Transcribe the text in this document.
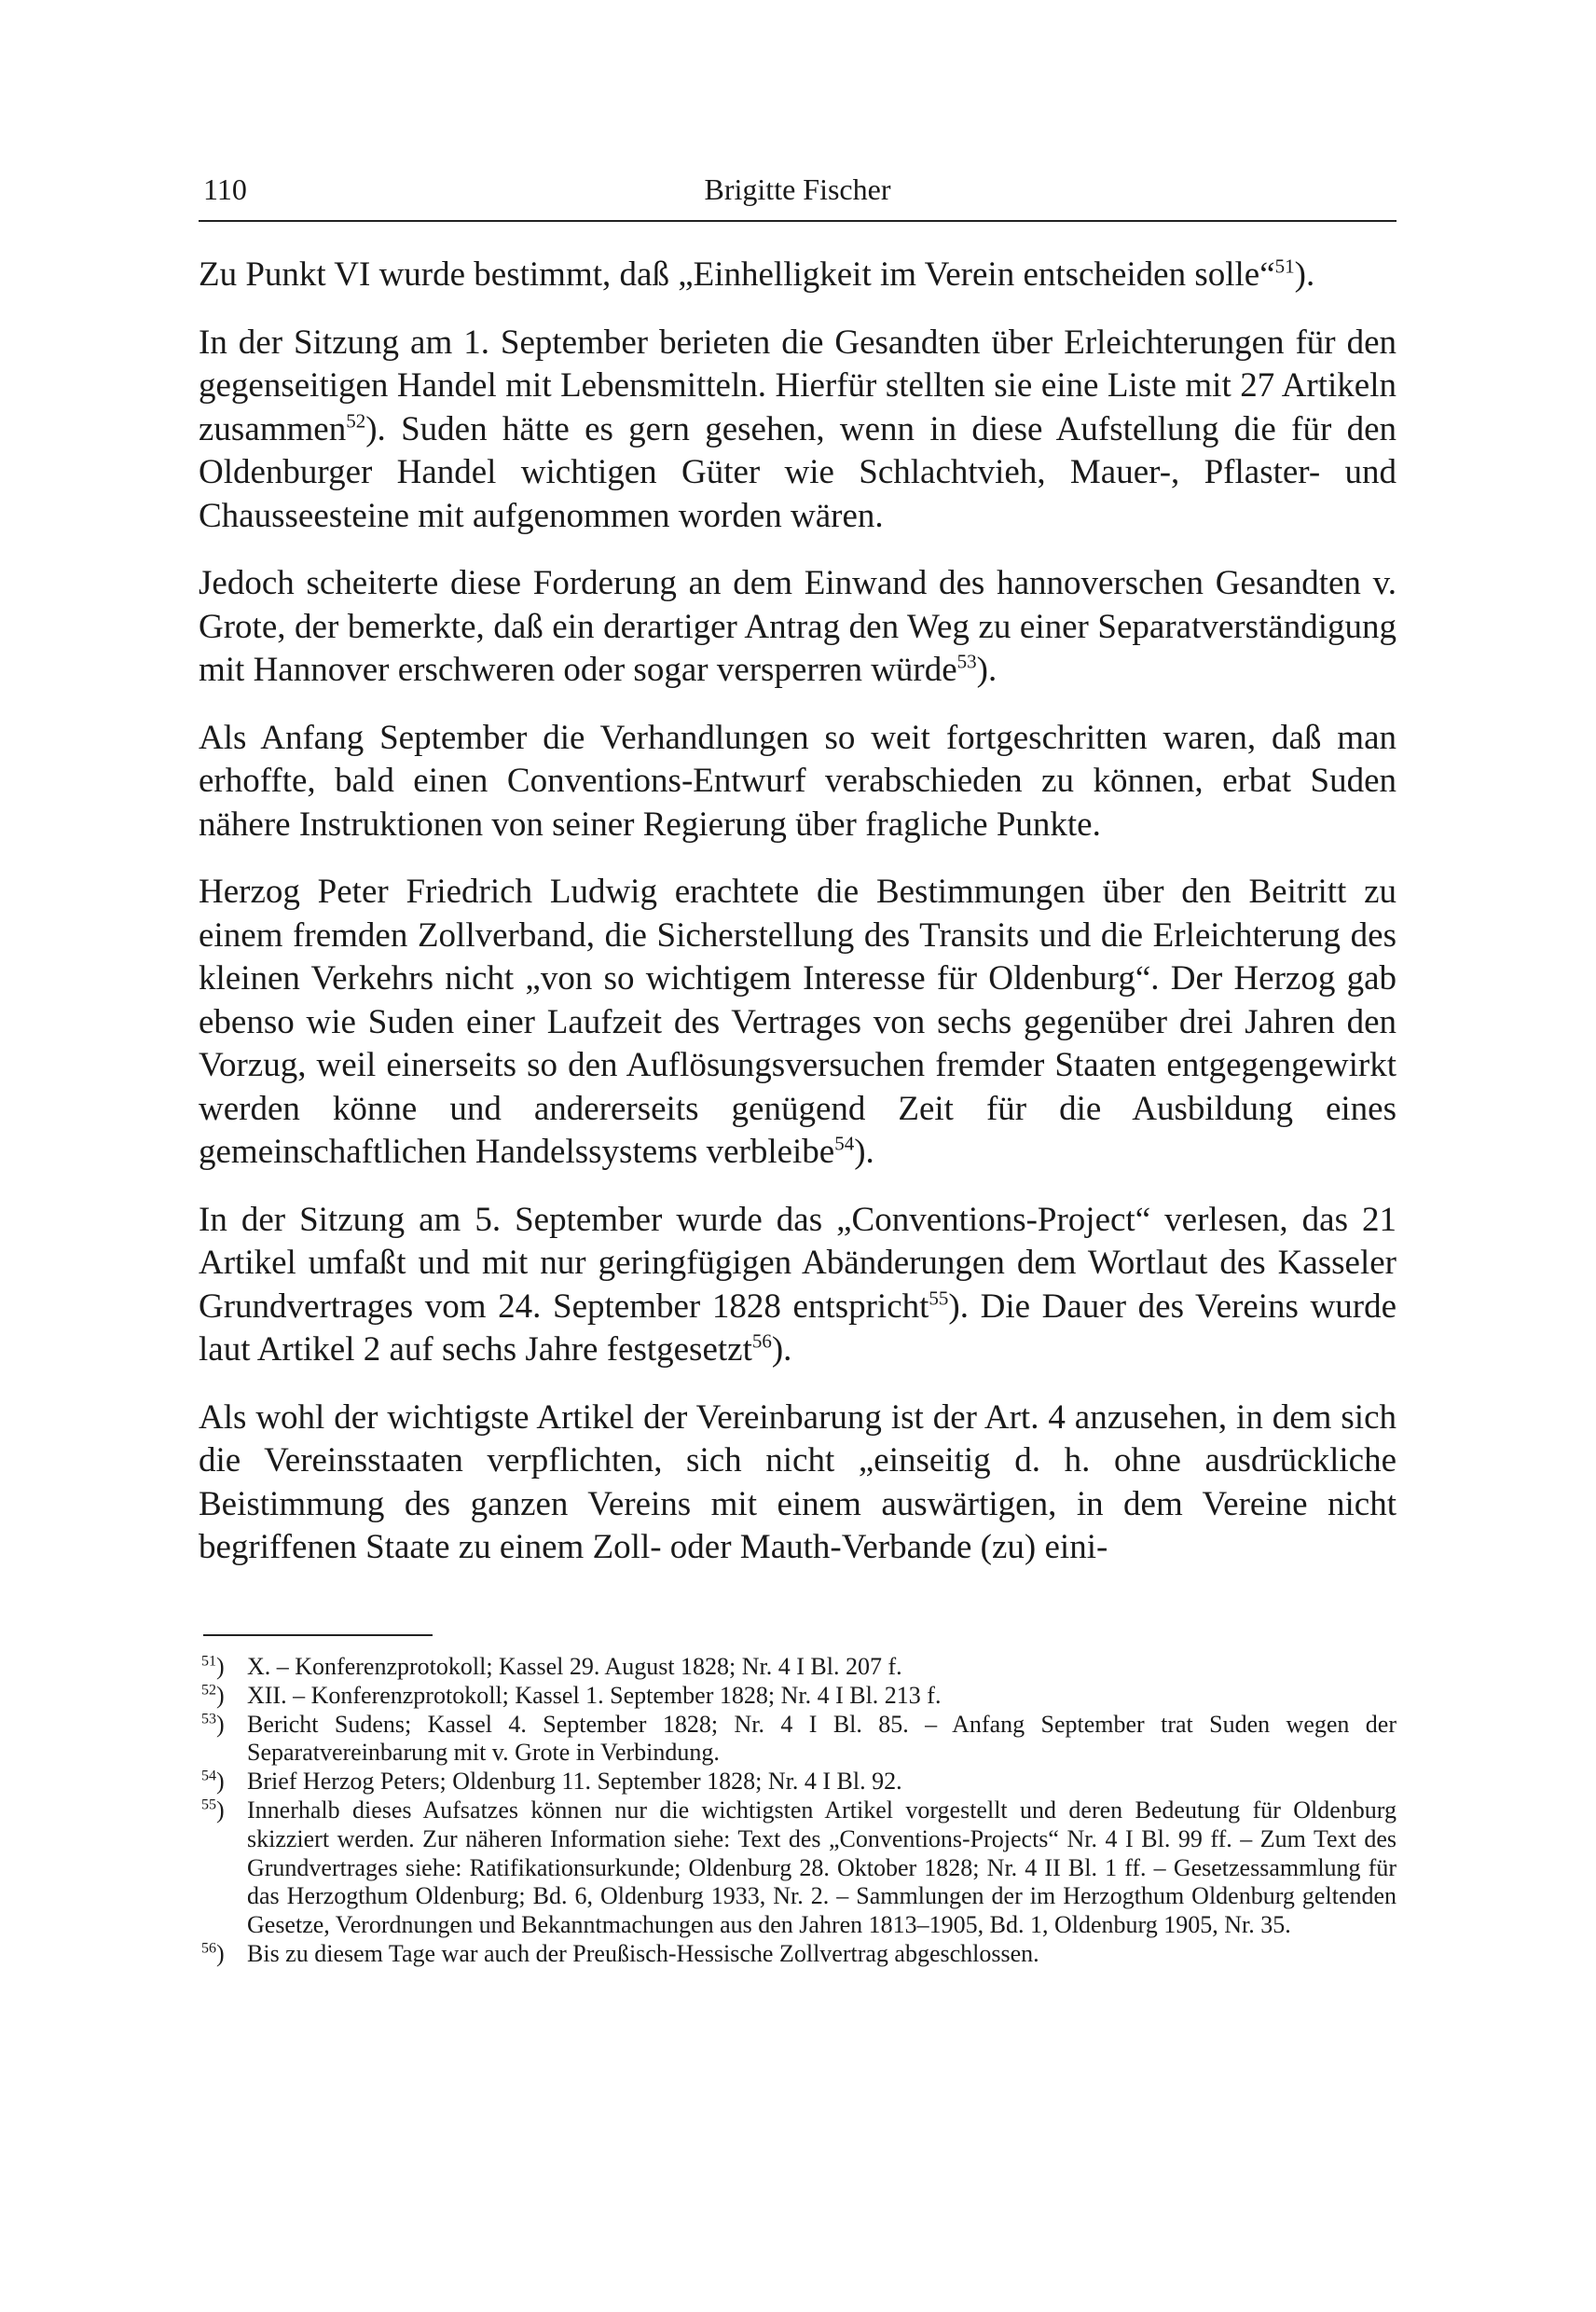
110	Brigitte Fischer

Zu Punkt VI wurde bestimmt, daß „Einhelligkeit im Verein entscheiden solle“$^{51}$).

In der Sitzung am 1. September berieten die Gesandten über Erleichterungen für den gegenseitigen Handel mit Lebensmitteln. Hierfür stellten sie eine Liste mit 27 Artikeln zusammen$^{52}$). Suden hätte es gern gesehen, wenn in diese Aufstellung die für den Oldenburger Handel wichtigen Güter wie Schlachtvieh, Mauer-, Pflaster- und Chausseesteine mit aufgenommen worden wären.

Jedoch scheiterte diese Forderung an dem Einwand des hannoverschen Gesandten v. Grote, der bemerkte, daß ein derartiger Antrag den Weg zu einer Separatverständigung mit Hannover erschweren oder sogar versperren würde$^{53}$).

Als Anfang September die Verhandlungen so weit fortgeschritten waren, daß man erhoffte, bald einen Conventions-Entwurf verabschieden zu können, erbat Suden nähere Instruktionen von seiner Regierung über fragliche Punkte.

Herzog Peter Friedrich Ludwig erachtete die Bestimmungen über den Beitritt zu einem fremden Zollverband, die Sicherstellung des Transits und die Erleichterung des kleinen Verkehrs nicht „von so wichtigem Interesse für Oldenburg“. Der Herzog gab ebenso wie Suden einer Laufzeit des Vertrages von sechs gegenüber drei Jahren den Vorzug, weil einerseits so den Auflösungsversuchen fremder Staaten entgegengewirkt werden könne und andererseits genügend Zeit für die Ausbildung eines gemeinschaftlichen Handelssystems verbleibe$^{54}$).

In der Sitzung am 5. September wurde das „Conventions-Project“ verlesen, das 21 Artikel umfaßt und mit nur geringfügigen Abänderungen dem Wortlaut des Kasseler Grundvertrages vom 24. September 1828 entspricht$^{55}$). Die Dauer des Vereins wurde laut Artikel 2 auf sechs Jahre festgesetzt$^{56}$).

Als wohl der wichtigste Artikel der Vereinbarung ist der Art. 4 anzusehen, in dem sich die Vereinsstaaten verpflichten, sich nicht „einseitig d. h. ohne ausdrückliche Beistimmung des ganzen Vereins mit einem auswärtigen, in dem Vereine nicht begriffenen Staate zu einem Zoll- oder Mauth-Verbande (zu) eini-

$^{51}$) X. – Konferenzprotokoll; Kassel 29. August 1828; Nr. 4 I Bl. 207 f.
$^{52}$) XII. – Konferenzprotokoll; Kassel 1. September 1828; Nr. 4 I Bl. 213 f.
$^{53}$) Bericht Sudens; Kassel 4. September 1828; Nr. 4 I Bl. 85. – Anfang September trat Suden wegen der Separatvereinbarung mit v. Grote in Verbindung.
$^{54}$) Brief Herzog Peters; Oldenburg 11. September 1828; Nr. 4 I Bl. 92.
$^{55}$) Innerhalb dieses Aufsatzes können nur die wichtigsten Artikel vorgestellt und deren Bedeutung für Oldenburg skizziert werden. Zur näheren Information siehe: Text des „Conventions-Projects“ Nr. 4 I Bl. 99 ff. – Zum Text des Grundvertrages siehe: Ratifikationsurkunde; Oldenburg 28. Oktober 1828; Nr. 4 II Bl. 1 ff. – Gesetzessammlung für das Herzogthum Oldenburg; Bd. 6, Oldenburg 1933, Nr. 2. – Sammlungen der im Herzogthum Oldenburg geltenden Gesetze, Verordnungen und Bekanntmachungen aus den Jahren 1813–1905, Bd. 1, Oldenburg 1905, Nr. 35.
$^{56}$) Bis zu diesem Tage war auch der Preußisch-Hessische Zollvertrag abgeschlossen.
